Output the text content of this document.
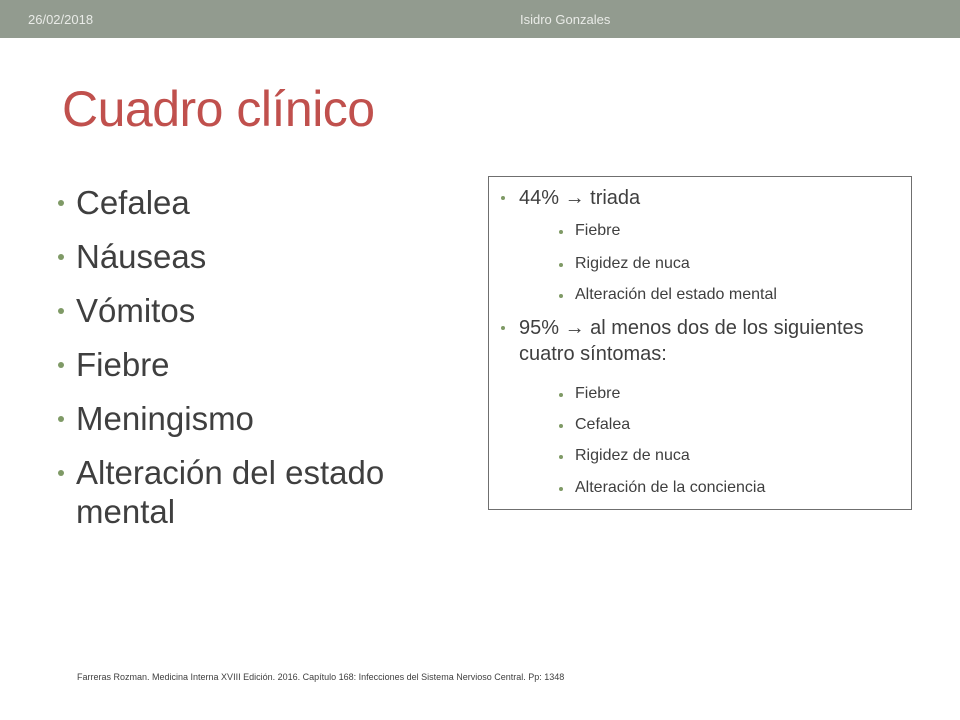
26/02/2018	Isidro Gonzales
Cuadro clínico
Cefalea
Náuseas
Vómitos
Fiebre
Meningismo
Alteración del estado mental
44% → triada
Fiebre
Rigidez de nuca
Alteración del estado mental
95% → al menos dos de los siguientes cuatro síntomas:
Fiebre
Cefalea
Rigidez de nuca
Alteración de la conciencia
Farreras Rozman. Medicina Interna XVIII Edición. 2016. Capítulo 168: Infecciones del Sistema Nervioso Central. Pp: 1348
